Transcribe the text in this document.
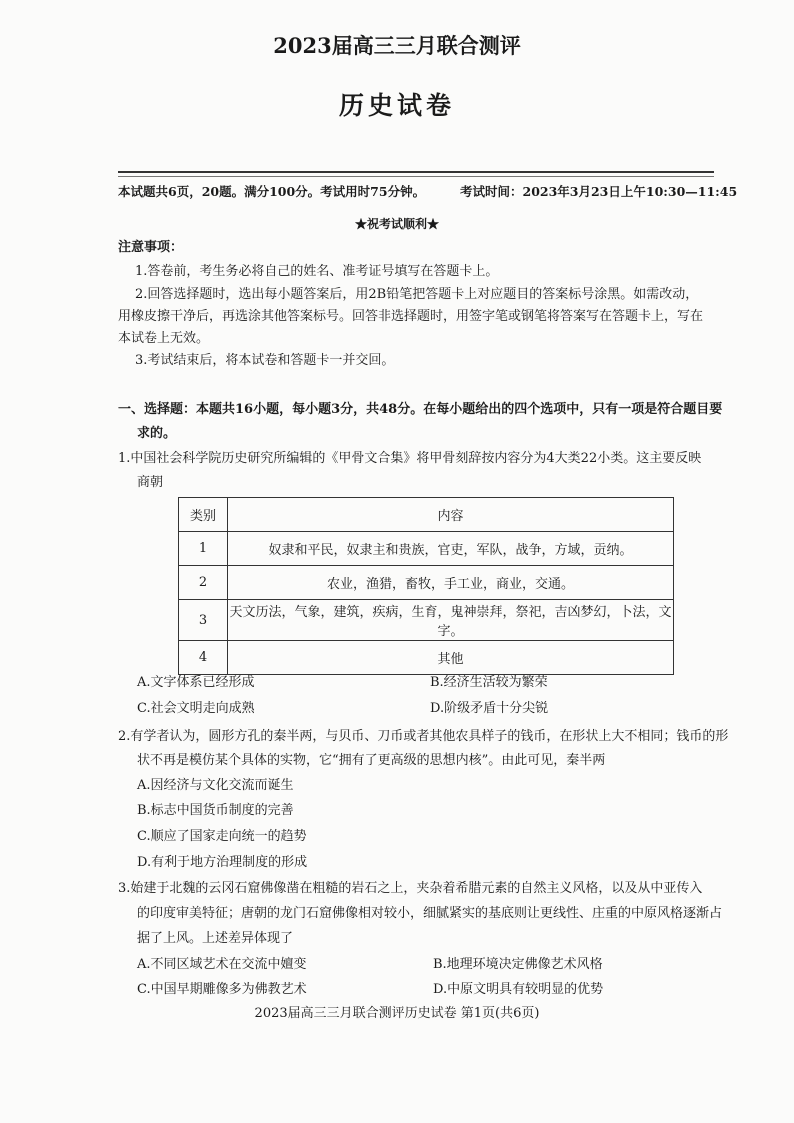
2023届高三三月联合测评
历史试卷
本试题共6页，20题。满分100分。考试用时75分钟。	考试时间：2023年3月23日上午10:30—11:45
★祝考试顺利★
注意事项：
1.答卷前，考生务必将自己的姓名、准考证号填写在答题卡上。
2.回答选择题时，选出每小题答案后，用2B铅笔把答题卡上对应题目的答案标号涂黑。如需改动，
用橡皮擦干净后，再选涂其他答案标号。回答非选择题时，用签字笔或钢笔将答案写在答题卡上，写在
本试卷上无效。
3.考试结束后，将本试卷和答题卡一并交回。
一、选择题：本题共16小题，每小题3分，共48分。在每小题给出的四个选项中，只有一项是符合题目要
求的。
1.中国社会科学院历史研究所编辑的《甲骨文合集》将甲骨刻辞按内容分为4大类22小类。这主要反映
商朝
类别	内容
1	奴隶和平民，奴隶主和贵族，官吏，军队，战争，方域，贡纳。
2	农业，渔猎，畜牧，手工业，商业，交通。
3	天文历法，气象，建筑，疾病，生育，鬼神崇拜，祭祀，吉凶梦幻，卜法，文字。
4	其他
A.文字体系已经形成	B.经济生活较为繁荣
C.社会文明走向成熟	D.阶级矛盾十分尖锐
2.有学者认为，圆形方孔的秦半两，与贝币、刀币或者其他农具样子的钱币，在形状上大不相同；钱币的形
状不再是模仿某个具体的实物，它“拥有了更高级的思想内核”。由此可见，秦半两
A.因经济与文化交流而诞生
B.标志中国货币制度的完善
C.顺应了国家走向统一的趋势
D.有利于地方治理制度的形成
3.始建于北魏的云冈石窟佛像凿在粗糙的岩石之上，夹杂着希腊元素的自然主义风格，以及从中亚传入
的印度审美特征；唐朝的龙门石窟佛像相对较小，细腻紧实的基底则让更线性、庄重的中原风格逐渐占
据了上风。上述差异体现了
A.不同区域艺术在交流中嬗变	B.地理环境决定佛像艺术风格
C.中国早期雕像多为佛教艺术	D.中原文明具有较明显的优势
2023届高三三月联合测评历史试卷 第1页(共6页)
